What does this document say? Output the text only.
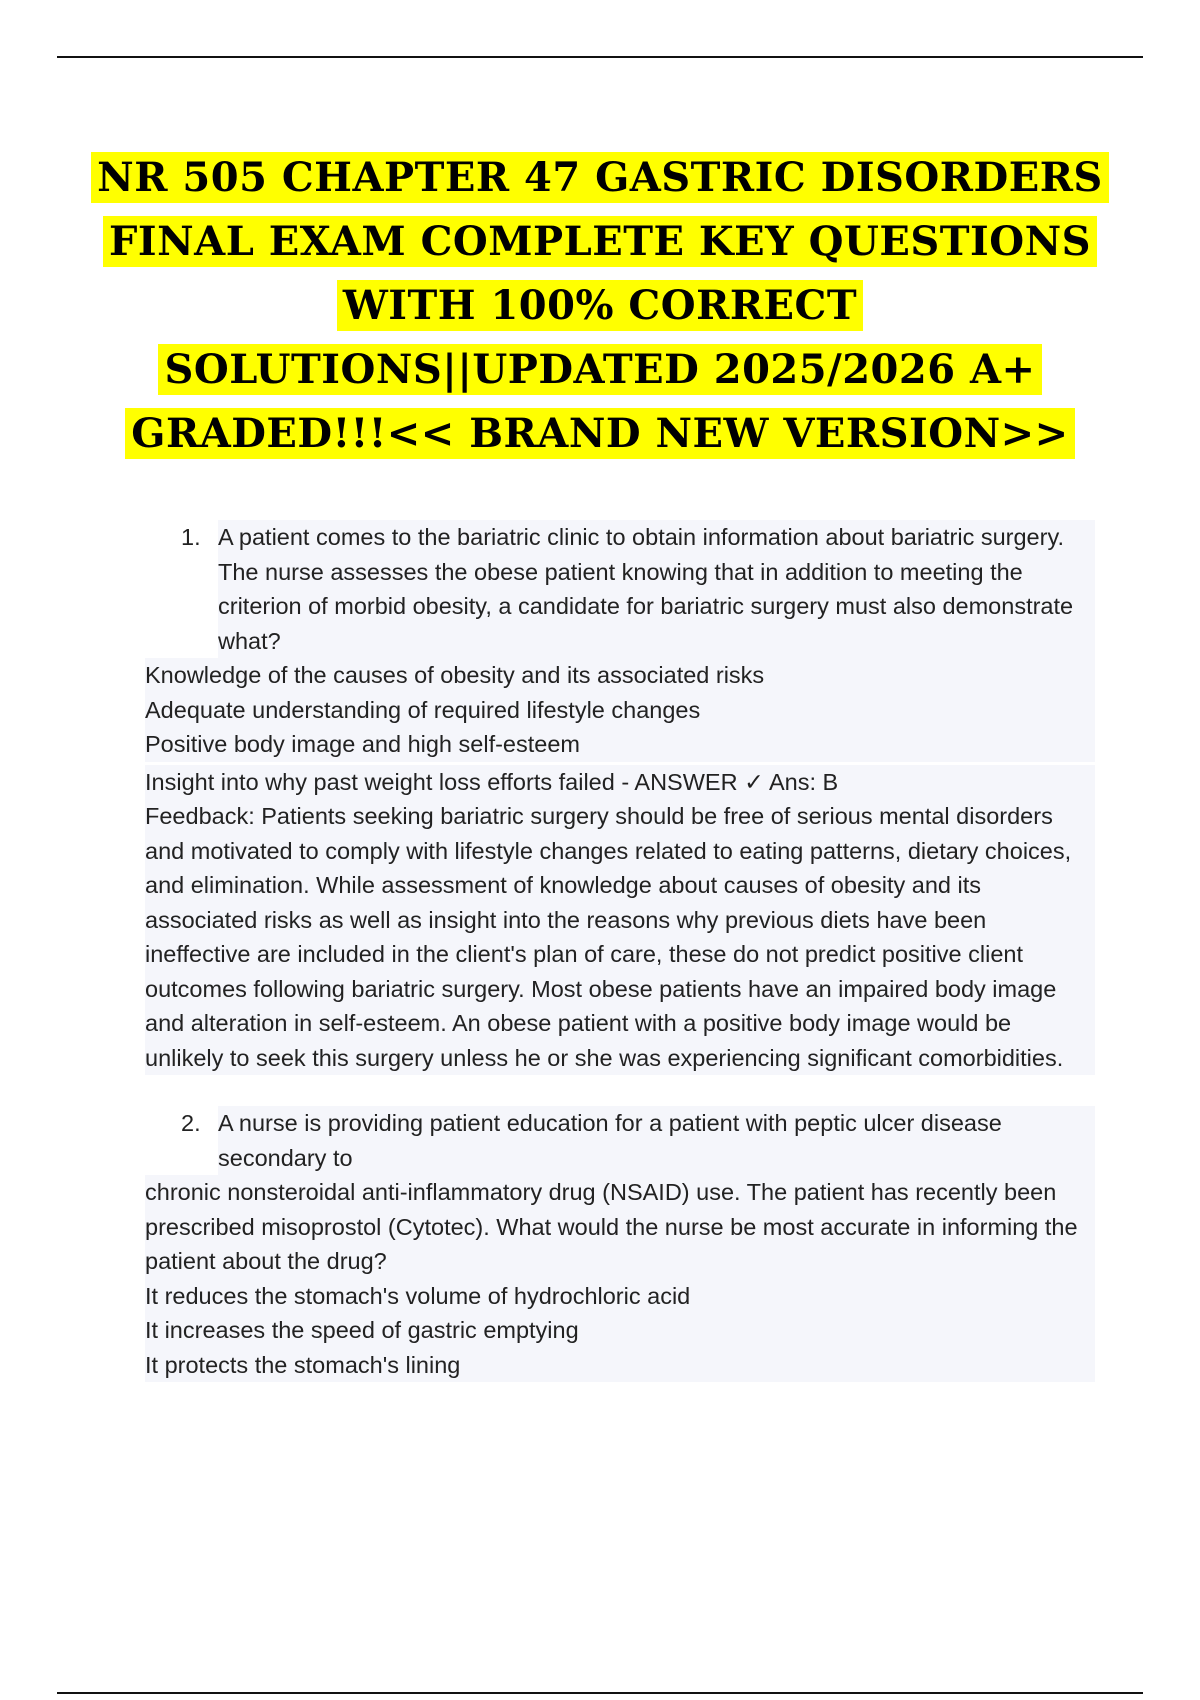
NR 505 CHAPTER 47 GASTRIC DISORDERS
FINAL EXAM COMPLETE KEY QUESTIONS
WITH 100% CORRECT
SOLUTIONS||UPDATED 2025/2026 A+
GRADED!!!<< BRAND NEW VERSION>>
1. A patient comes to the bariatric clinic to obtain information about bariatric surgery. The nurse assesses the obese patient knowing that in addition to meeting the criterion of morbid obesity, a candidate for bariatric surgery must also demonstrate what?
Knowledge of the causes of obesity and its associated risks
Adequate understanding of required lifestyle changes
Positive body image and high self-esteem
Insight into why past weight loss efforts failed - ANSWER ✓ Ans: B
Feedback: Patients seeking bariatric surgery should be free of serious mental disorders and motivated to comply with lifestyle changes related to eating patterns, dietary choices, and elimination. While assessment of knowledge about causes of obesity and its associated risks as well as insight into the reasons why previous diets have been ineffective are included in the client's plan of care, these do not predict positive client outcomes following bariatric surgery. Most obese patients have an impaired body image and alteration in self-esteem. An obese patient with a positive body image would be unlikely to seek this surgery unless he or she was experiencing significant comorbidities.
2. A nurse is providing patient education for a patient with peptic ulcer disease secondary to
chronic nonsteroidal anti-inflammatory drug (NSAID) use. The patient has recently been prescribed misoprostol (Cytotec). What would the nurse be most accurate in informing the patient about the drug?
It reduces the stomach's volume of hydrochloric acid
It increases the speed of gastric emptying
It protects the stomach's lining
